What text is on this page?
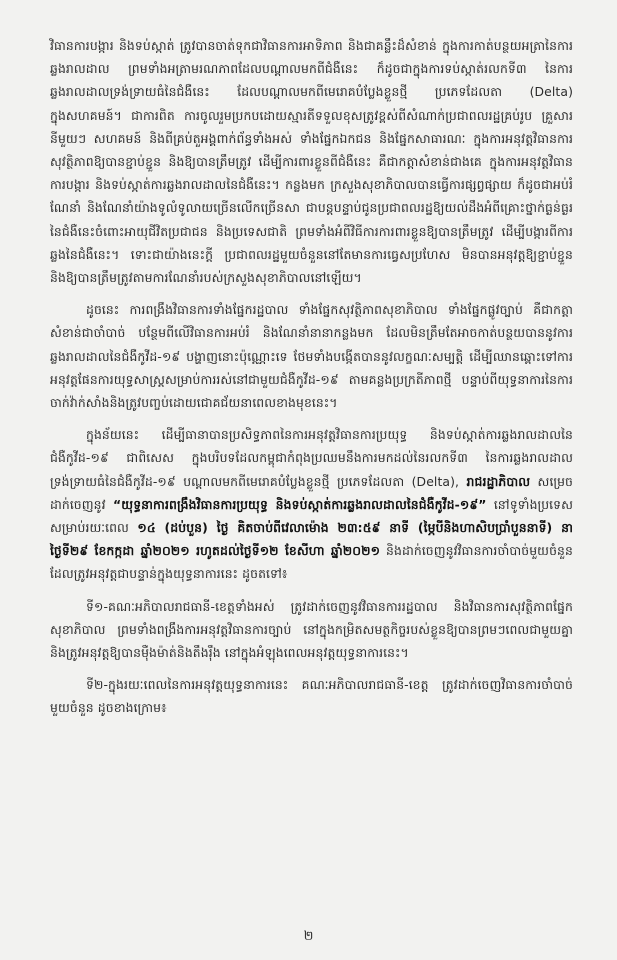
វិធានការបង្ការ និងទប់ស្កាត់ ត្រូវបានចាត់ទុកជាវិធានការអាទិភាព និងជាគន្លឹះដ៏សំខាន់ ក្នុងការកាត់បន្ថយអត្រានៃការឆ្លងរាលដាល ព្រមទាំងអត្រាមរណភាពដែលបណ្តាលមកពីជំងឺនេះ ក៏ដូចជាក្នុងការទប់ស្កាត់រលកទី៣ នៃការឆ្លងរាលដាលទ្រង់ទ្រាយធំនៃជំងឺនេះ ដែលបណ្តាលមកពីមេរោគបំប្លែងខ្លួនថ្មី ប្រភេទដែលតា (Delta) ក្នុងសហគមន៍។ ជាការពិត ការចូលរួមប្រកបដោយស្មារតីទទួលខុសត្រូវខ្ពស់ពីសំណាក់ប្រជាពលរដ្ឋគ្រប់រូប គ្រួសារនីមួយៗ សហគមន៍ និងពីគ្រប់តួអង្គពាក់ព័ន្ធទាំងអស់ ទាំងផ្នែកឯកជន និងផ្នែកសាធារណៈ ក្នុងការអនុវត្តវិធានការសុវត្ថិភាពឱ្យបានខ្ជាប់ខ្ជួន និងឱ្យបានត្រឹមត្រូវ ដើម្បីការពារខ្លួនពីជំងឺនេះ គឺជាកត្តាសំខាន់ជាងគេ ក្នុងការអនុវត្តវិធានការបង្ការ និងទប់ស្កាត់ការឆ្លងរាលដាលនៃជំងឺនេះ។ កន្លងមក ក្រសួងសុខាភិបាលបានធ្វើការផ្សព្វផ្សាយ ក៏ដូចជាអប់រំ ណែនាំ និងណែនាំយ៉ាងទូលំទូលាយច្រើនលើកច្រើនសា ជាបន្តបន្ទាប់ជូនប្រជាពលរដ្ឋឱ្យយល់ដឹងអំពីគ្រោះថ្នាក់ធ្ងន់ធ្ងរនៃជំងឺនេះចំពោះអាយុជីវិតប្រជាជន និងប្រទេសជាតិ ព្រមទាំងអំពីវិធីការការពារខ្លួនឱ្យបានត្រឹមត្រូវ ដើម្បីបង្ការពីការឆ្លងនៃជំងឺនេះ។ ទោះជាយ៉ាងនេះក្តី ប្រជាពលរដ្ឋមួយចំនួននៅតែមានការធ្វេសប្រហែស មិនបានអនុវត្តឱ្យខ្ជាប់ខ្ជួន និងឱ្យបានត្រឹមត្រូវតាមការណែនាំរបស់ក្រសួងសុខាភិបាលនៅឡើយ។

ដូចនេះ ការពង្រឹងវិធានការទាំងផ្នែករដ្ឋបាល ទាំងផ្នែកសុវត្ថិភាពសុខាភិបាល ទាំងផ្នែកផ្លូវច្បាប់ គឺជាកត្តាសំខាន់ជាចាំបាច់ បន្ថែមពីលើវិធានការអប់រំ និងណែនាំនានាកន្លងមក ដែលមិនត្រឹមតែអាចកាត់បន្ថយបាននូវការឆ្លងរាលដាលនៃជំងឺកូវីដ-១៩ បង្ហាញនោះប៉ុណ្ណោះទេ ថែមទាំងបង្កើតបាននូវលក្ខណៈសម្បត្តិ ដើម្បីឈានឆ្ពោះទៅការអនុវត្តផែនការយុទ្ធសាស្ត្រសម្រាប់ការរស់នៅជាមួយជំងឺកូវីដ-១៩ តាមគន្លងប្រក្រតីភាពថ្មី បន្ទាប់ពីយុទ្ធនាការនៃការចាក់វ៉ាក់សាំងនិងត្រូវបញ្ចប់ដោយជោគជ័យនាពេលខាងមុខនេះ។

ក្នុងន័យនេះ ដើម្បីធានាបានប្រសិទ្ធភាពនៃការអនុវត្តវិធានការប្រយុទ្ធ និងទប់ស្កាត់ការឆ្លងរាលដាលនៃជំងឺកូវីដ-១៩ ជាពិសេស ក្នុងបរិបទដែលកម្ពុជាកំពុងប្រឈមនឹងការមកដល់នៃរលកទី៣ នៃការឆ្លងរាលដាលទ្រង់ទ្រាយធំនៃជំងឺកូវីដ-១៩ បណ្តាលមកពីមេរោគបំប្លែងខ្លួនថ្មី ប្រភេទដែលតា (Delta), រាជរដ្ឋាភិបាល សម្រេចដាក់ចេញនូវ “យុទ្ធនាការពង្រឹងវិធានការប្រយុទ្ធ និងទប់ស្កាត់ការឆ្លងរាលដាលនៃជំងឺកូវីដ-១៩” នៅទូទាំងប្រទេស សម្រាប់រយៈពេល ១៤ (ដប់បួន) ថ្ងៃ គិតចាប់ពីវេលាម៉ោង ២៣:៥៩ នាទី (ម្ភៃបីនិងហាសិបប្រាំបួននាទី) នាថ្ងៃទី២៩ ខែកក្កដា ឆ្នាំ២០២១ រហូតដល់ថ្ងៃទី១២ ខែសីហា ឆ្នាំ២០២១ និងដាក់ចេញនូវវិធានការចាំបាច់មួយចំនួន ដែលត្រូវអនុវត្តជាបន្ទាន់ក្នុងយុទ្ធនាការនេះ ដូចតទៅ៖

ទី១-គណៈអភិបាលរាជធានី-ខេត្តទាំងអស់ ត្រូវដាក់ចេញនូវវិធានការរដ្ឋបាល និងវិធានការសុវត្ថិភាពផ្នែកសុខាភិបាល ព្រមទាំងពង្រឹងការអនុវត្តវិធានការច្បាប់ នៅក្នុងកម្រិតសមត្ថកិច្ចរបស់ខ្លួនឱ្យបានព្រមៗពេលជាមួយគ្នា និងត្រូវអនុវត្តឱ្យបានម៉ឺងម៉ាត់និងតឹងរ៉ឹង នៅក្នុងអំឡុងពេលអនុវត្តយុទ្ធនាការនេះ។

ទី២-ក្នុងរយៈពេលនៃការអនុវត្តយុទ្ធនាការនេះ គណៈអភិបាលរាជធានី-ខេត្ត ត្រូវដាក់ចេញវិធានការចាំបាច់មួយចំនួន ដូចខាងក្រោម៖

២
